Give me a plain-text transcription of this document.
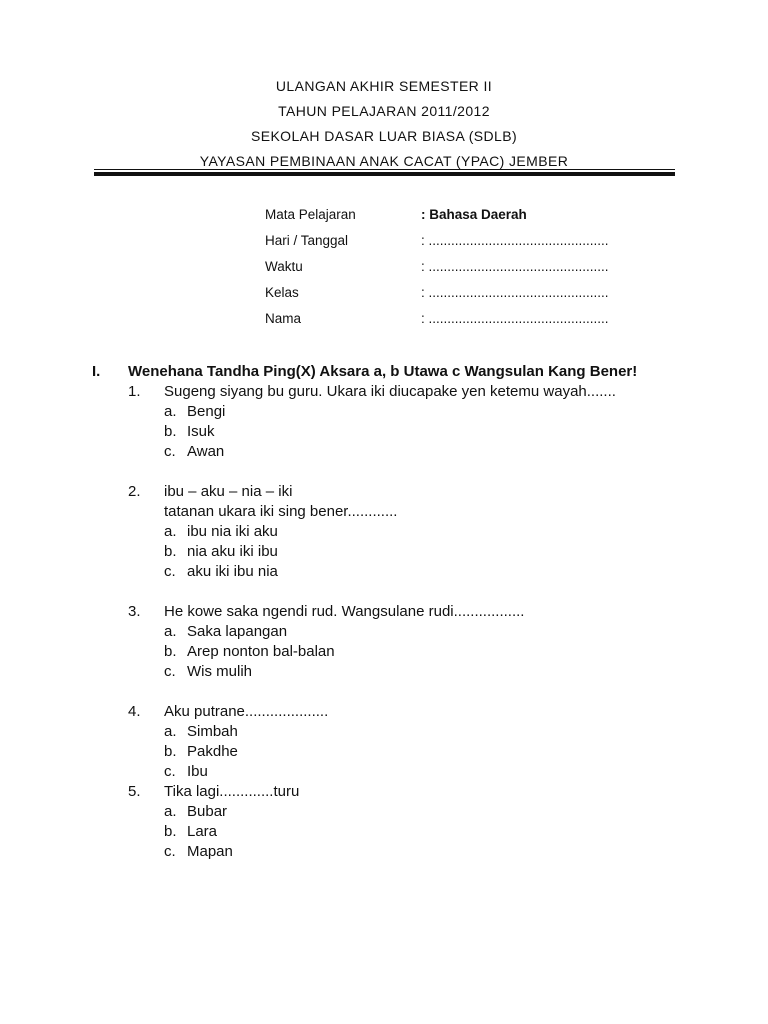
ULANGAN AKHIR SEMESTER II
TAHUN PELAJARAN 2011/2012
SEKOLAH DASAR LUAR BIASA (SDLB)
YAYASAN PEMBINAAN ANAK CACAT (YPAC) JEMBER
Mata Pelajaran	: Bahasa Daerah
Hari / Tanggal	: ................................................
Waktu	: ................................................
Kelas	: ................................................
Nama	: ................................................
I. Wenehana Tandha Ping(X) Aksara a, b Utawa c Wangsulan Kang Bener!
1. Sugeng siyang bu guru. Ukara iki diucapake yen ketemu wayah.......
a. Bengi
b. Isuk
c. Awan
2. ibu – aku – nia – iki
tatanan ukara iki sing bener............
a. ibu nia iki aku
b. nia aku iki ibu
c. aku iki ibu nia
3. He kowe saka ngendi rud. Wangsulane rudi.................
a. Saka lapangan
b. Arep nonton bal-balan
c. Wis mulih
4. Aku putrane....................
a. Simbah
b. Pakdhe
c. Ibu
5. Tika lagi.............turu
a. Bubar
b. Lara
c. Mapan
